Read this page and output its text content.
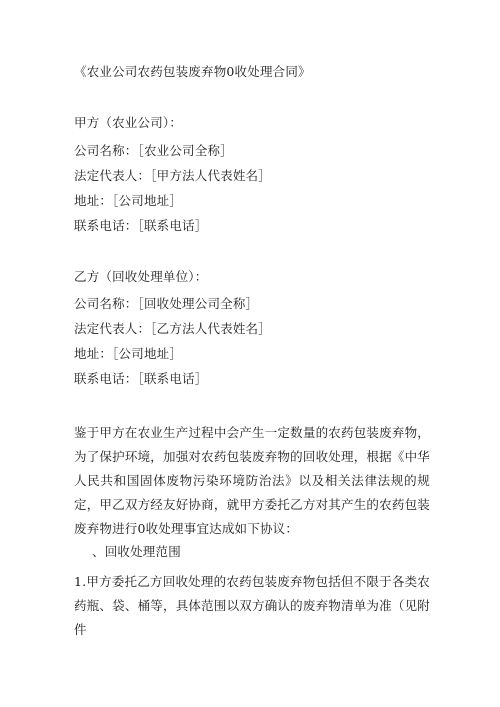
《农业公司农药包装废弃物0收处理合同》
甲方（农业公司）：
公司名称：［农业公司全称］
法定代表人：［甲方法人代表姓名］
地址：［公司地址］
联系电话：［联系电话］
乙方（回收处理单位）：
公司名称：［回收处理公司全称］
法定代表人：［乙方法人代表姓名］
地址：［公司地址］
联系电话：［联系电话］
鉴于甲方在农业生产过程中会产生一定数量的农药包装废弃物，为了保护环境，加强对农药包装废弃物的回收处理，根据《中华人民共和国固体废物污染环境防治法》以及相关法律法规的规定，甲乙双方经友好协商，就甲方委托乙方对其产生的农药包装废弃物进行0收处理事宜达成如下协议：
、回收处理范围
1.甲方委托乙方回收处理的农药包装废弃物包括但不限于各类农药瓶、袋、桶等，具体范围以双方确认的废弃物清单为准（见附件
